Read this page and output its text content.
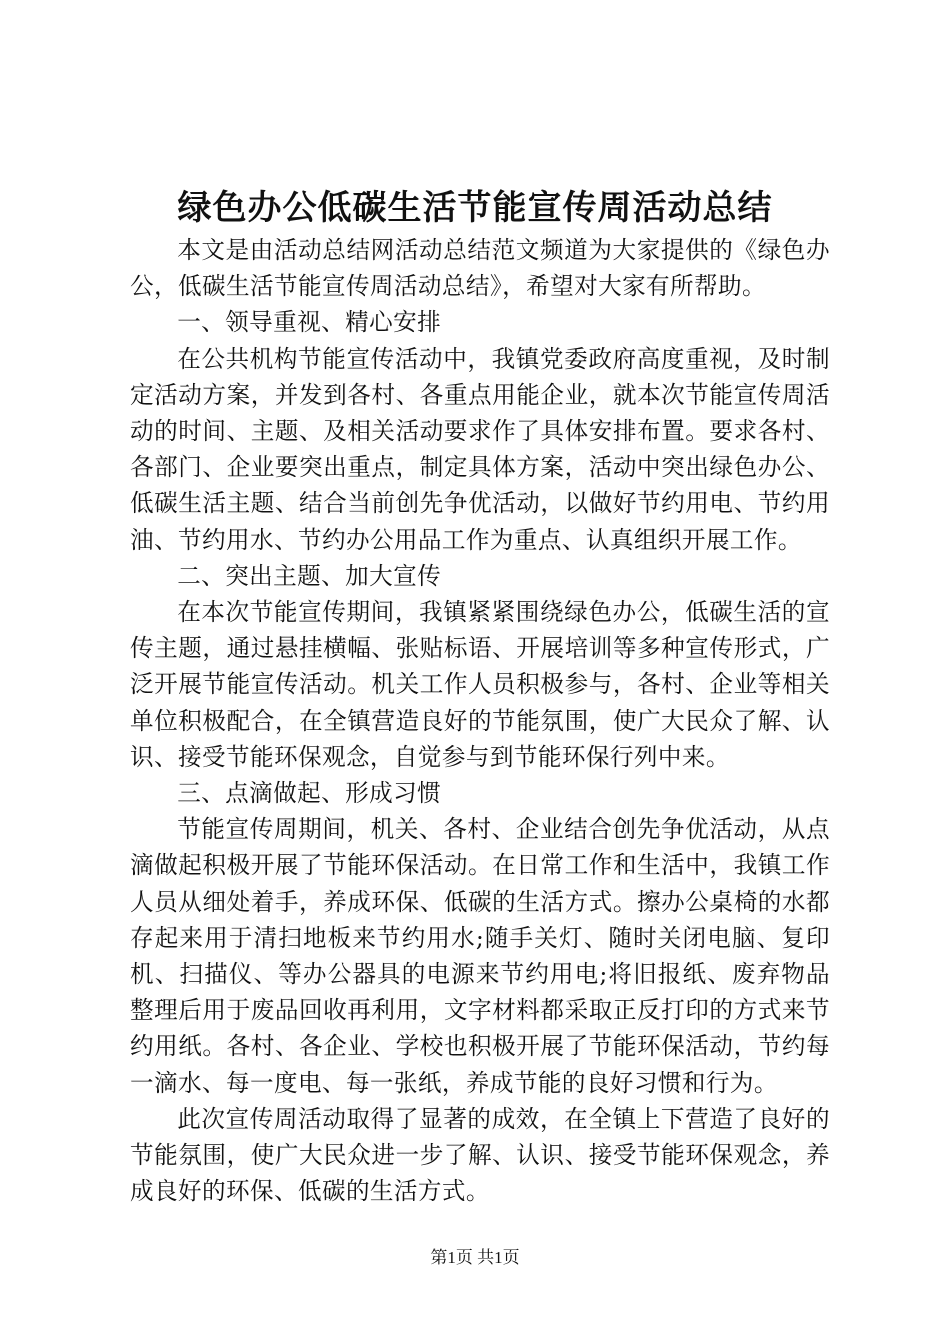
绿色办公低碳生活节能宣传周活动总结

本文是由活动总结网活动总结范文频道为大家提供的《绿色办公，低碳生活节能宣传周活动总结》，希望对大家有所帮助。

一、领导重视、精心安排

在公共机构节能宣传活动中，我镇党委政府高度重视，及时制定活动方案，并发到各村、各重点用能企业，就本次节能宣传周活动的时间、主题、及相关活动要求作了具体安排布置。要求各村、各部门、企业要突出重点，制定具体方案，活动中突出绿色办公、低碳生活主题、结合当前创先争优活动，以做好节约用电、节约用油、节约用水、节约办公用品工作为重点、认真组织开展工作。

二、突出主题、加大宣传

在本次节能宣传期间，我镇紧紧围绕绿色办公，低碳生活的宣传主题，通过悬挂横幅、张贴标语、开展培训等多种宣传形式，广泛开展节能宣传活动。机关工作人员积极参与，各村、企业等相关单位积极配合，在全镇营造良好的节能氛围，使广大民众了解、认识、接受节能环保观念，自觉参与到节能环保行列中来。

三、点滴做起、形成习惯

节能宣传周期间，机关、各村、企业结合创先争优活动，从点滴做起积极开展了节能环保活动。在日常工作和生活中，我镇工作人员从细处着手，养成环保、低碳的生活方式。擦办公桌椅的水都存起来用于清扫地板来节约用水;随手关灯、随时关闭电脑、复印机、扫描仪、等办公器具的电源来节约用电;将旧报纸、废弃物品整理后用于废品回收再利用，文字材料都采取正反打印的方式来节约用纸。各村、各企业、学校也积极开展了节能环保活动，节约每一滴水、每一度电、每一张纸，养成节能的良好习惯和行为。

此次宣传周活动取得了显著的成效，在全镇上下营造了良好的节能氛围，使广大民众进一步了解、认识、接受节能环保观念，养成良好的环保、低碳的生活方式。

第1页 共1页
